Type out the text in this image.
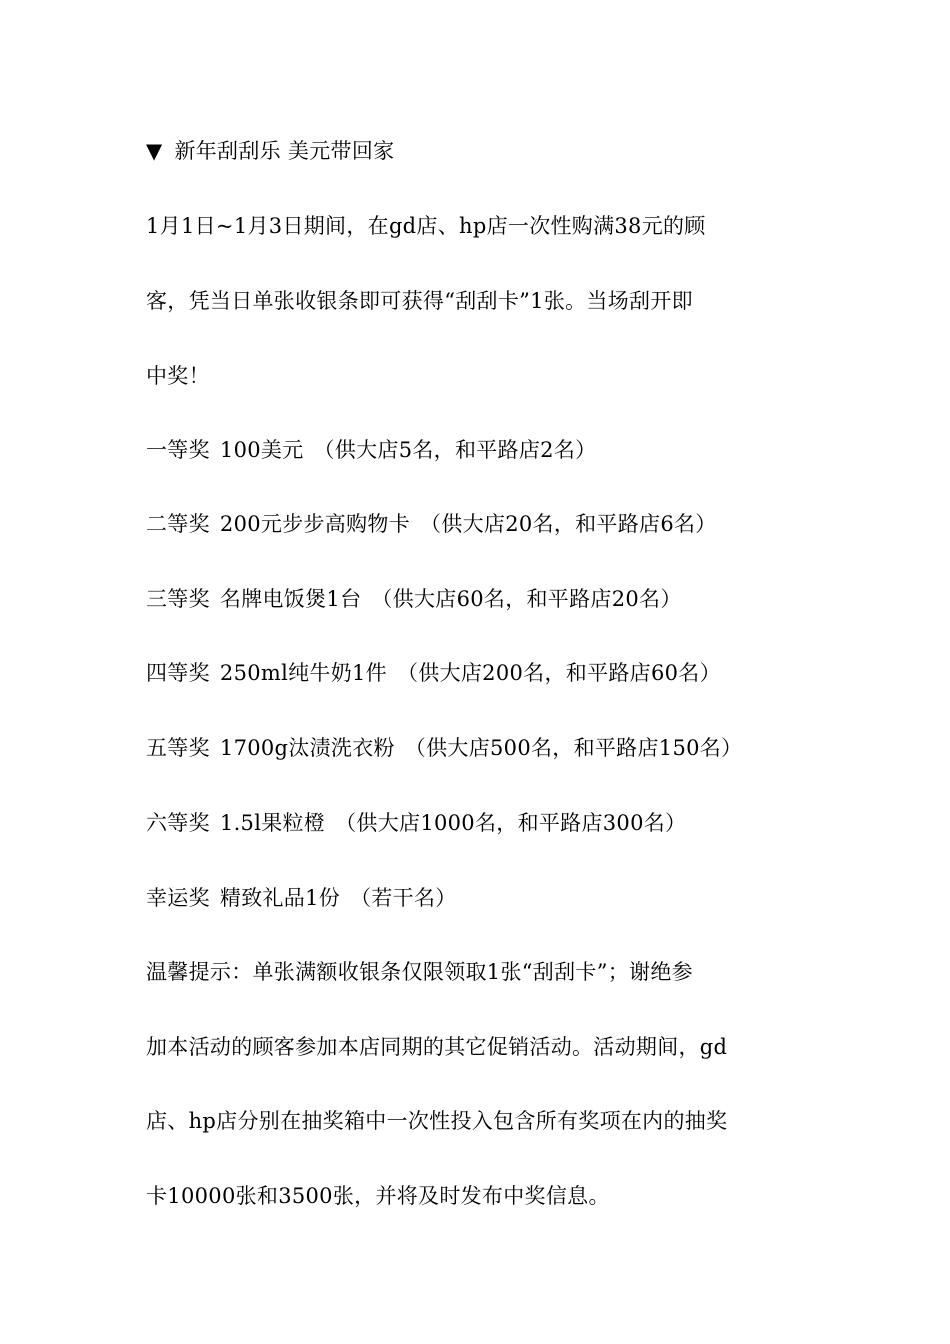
▼ 新年刮刮乐 美元带回家
1月1日~1月3日期间，在gd店、hp店一次性购满38元的顾
客，凭当日单张收银条即可获得“刮刮卡”1张。当场刮开即
中奖！
一等奖 100美元 （供大店5名，和平路店2名）
二等奖 200元步步高购物卡 （供大店20名，和平路店6名）
三等奖 名牌电饭煲1台 （供大店60名，和平路店20名）
四等奖 250ml纯牛奶1件 （供大店200名，和平路店60名）
五等奖 1700g汰渍洗衣粉 （供大店500名，和平路店150名）
六等奖 1.5l果粒橙 （供大店1000名，和平路店300名）
幸运奖 精致礼品1份 （若干名）
温馨提示：单张满额收银条仅限领取1张“刮刮卡”；谢绝参
加本活动的顾客参加本店同期的其它促销活动。活动期间，gd
店、hp店分别在抽奖箱中一次性投入包含所有奖项在内的抽奖
卡10000张和3500张，并将及时发布中奖信息。
